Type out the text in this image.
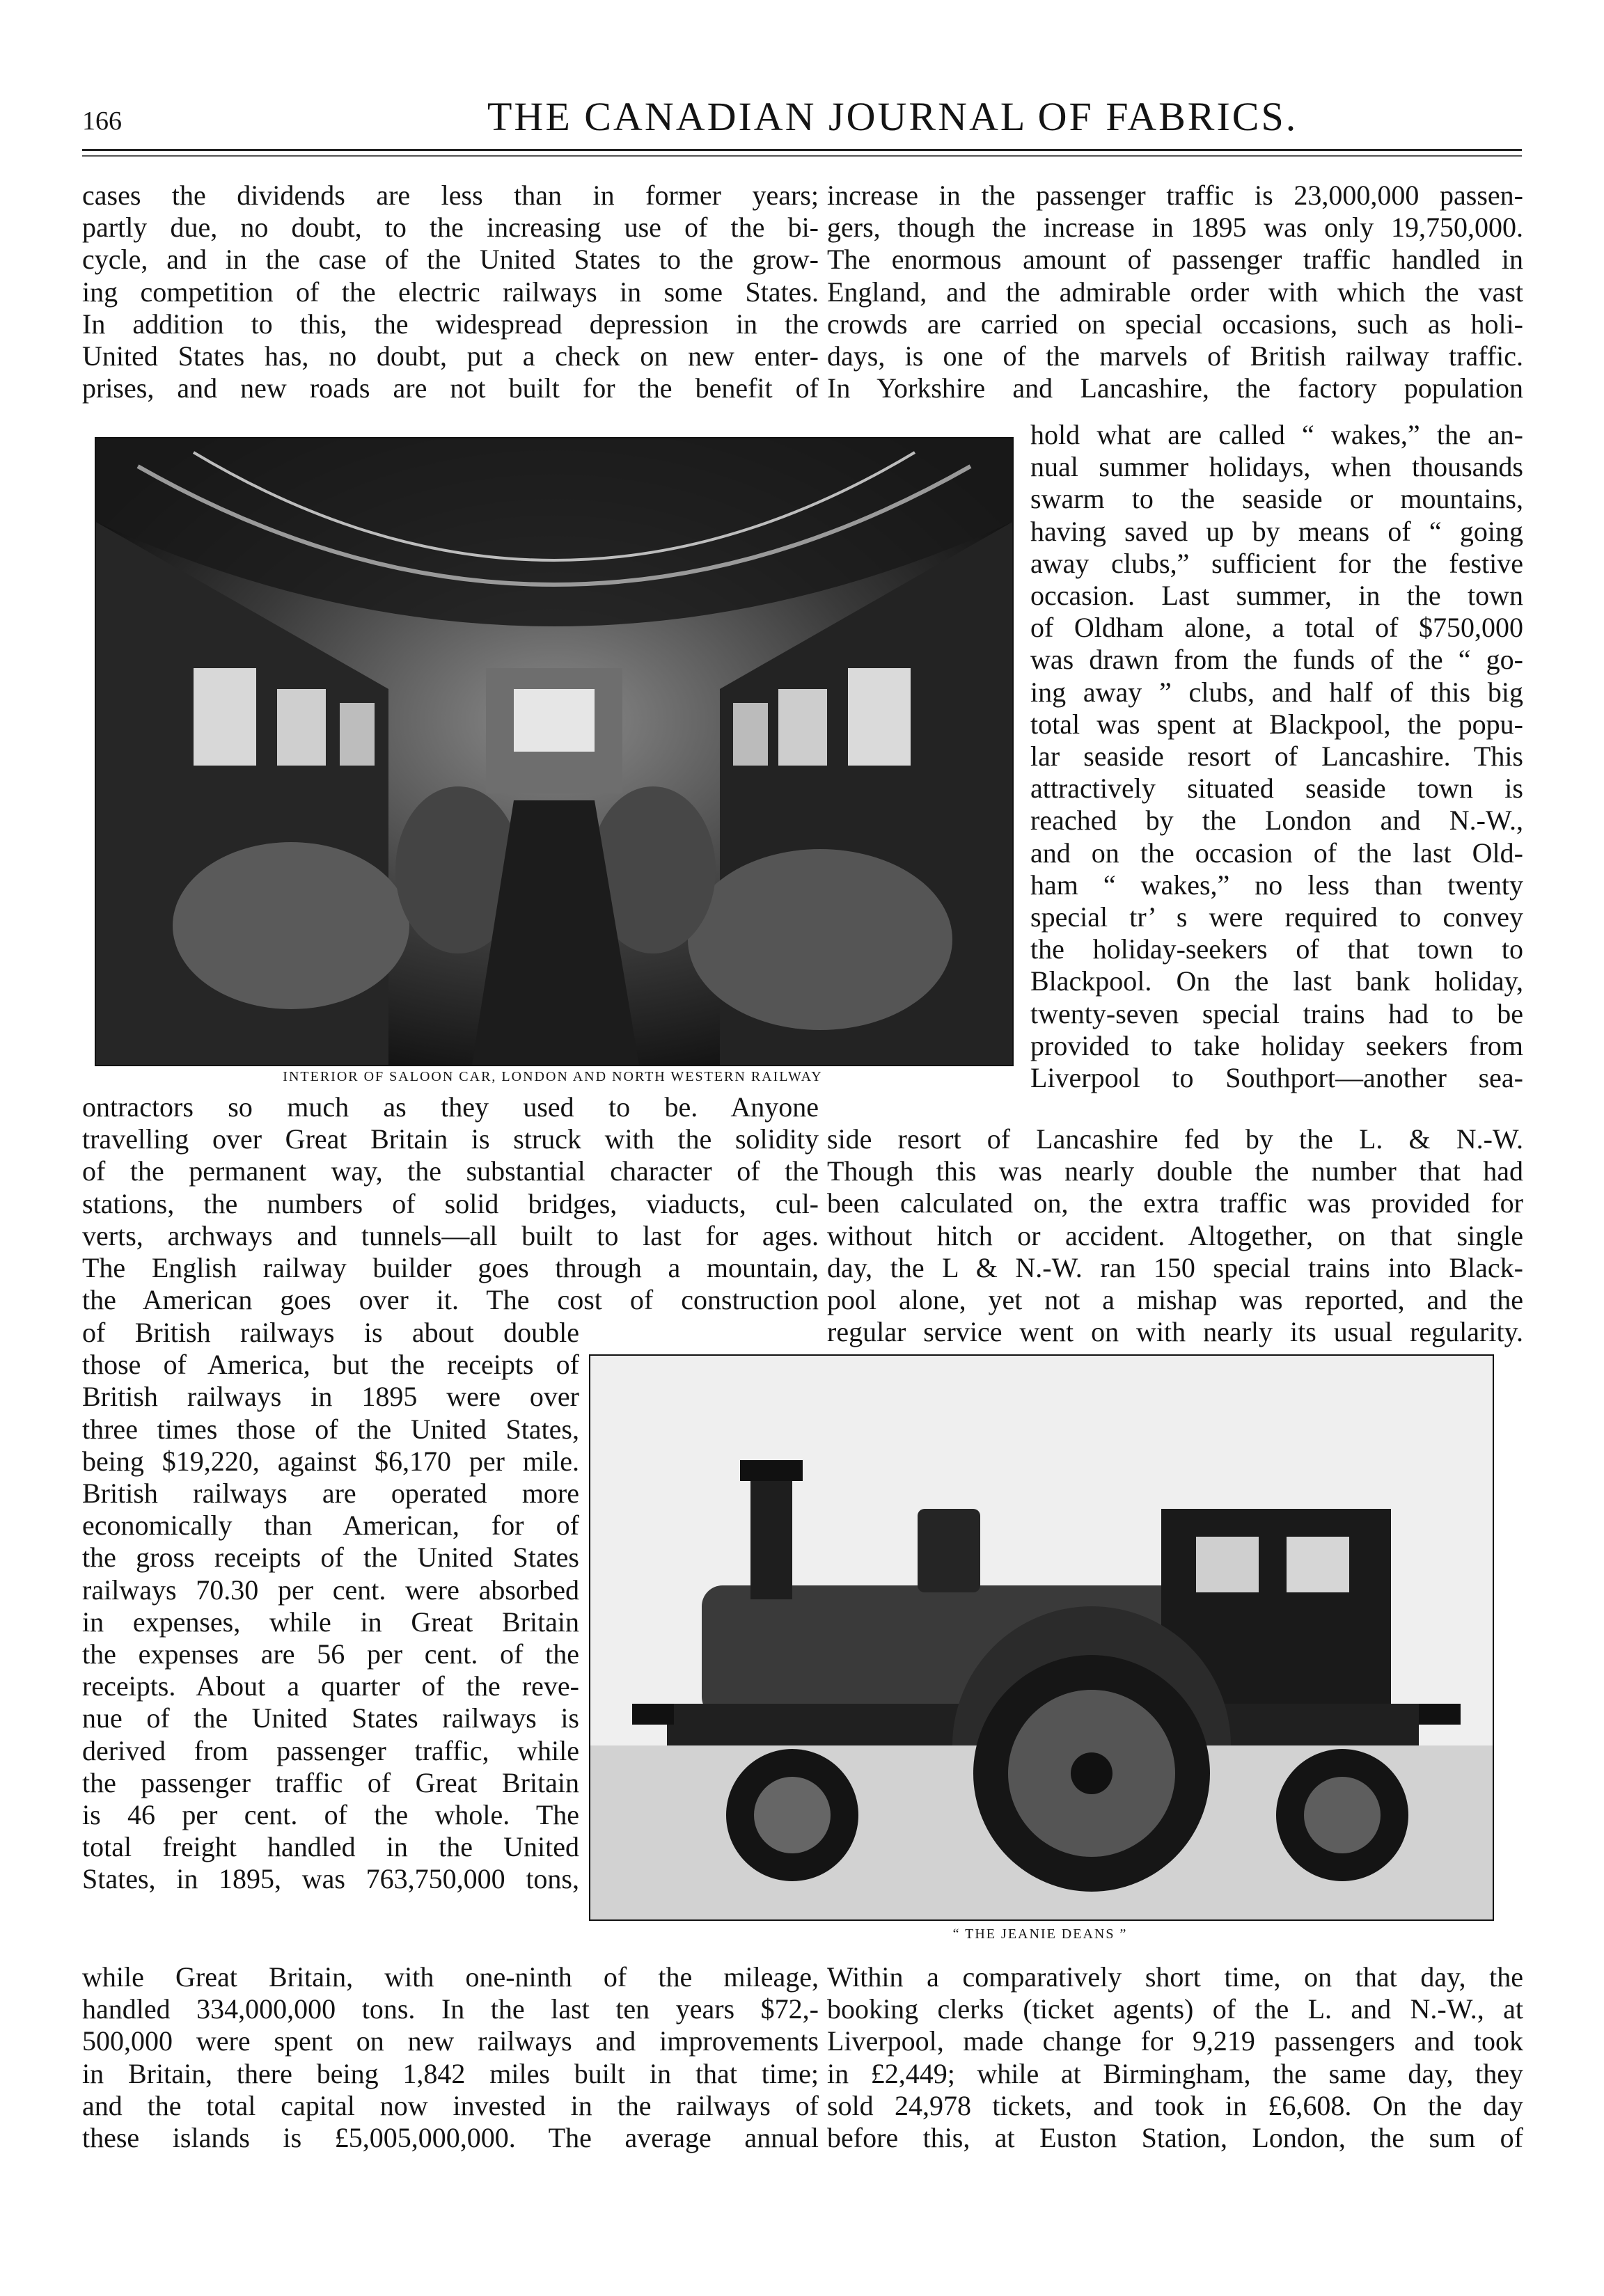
166	THE CANADIAN JOURNAL OF FABRICS.
cases the dividends are less than in former years;
partly due, no doubt, to the increasing use of the bi-
cycle, and in the case of the United States to the grow-
ing competition of the electric railways in some States.
In addition to this, the widespread depression in the
United States has, no doubt, put a check on new enter-
prises, and new roads are not built for the benefit of
increase in the passenger traffic is 23,000,000 passen-
gers, though the increase in 1895 was only 19,750,000.
The enormous amount of passenger traffic handled in
England, and the admirable order with which the vast
crowds are carried on special occasions, such as holi-
days, is one of the marvels of British railway traffic.
In Yorkshire and Lancashire, the factory population
hold what are called “ wakes,” the an-
nual summer holidays, when thousands
swarm to the seaside or mountains,
having saved up by means of “ going
away clubs,” sufficient for the festive
occasion. Last summer, in the town
of Oldham alone, a total of $750,000
was drawn from the funds of the “ go-
ing away ” clubs, and half of this big
total was spent at Blackpool, the popu-
lar seaside resort of Lancashire. This
attractively situated seaside town is
reached by the London and N.-W.,
and on the occasion of the last Old-
ham “ wakes,” no less than twenty
special tr’ s were required to convey
the holiday-seekers of that town to
Blackpool. On the last bank holiday,
twenty-seven special trains had to be
provided to take holiday seekers from
Liverpool to Southport—another sea-
INTERIOR OF SALOON CAR, LONDON AND NORTH WESTERN RAILWAY
ontractors so much as they used to be. Anyone
travelling over Great Britain is struck with the solidity
of the permanent way, the substantial character of the
stations, the numbers of solid bridges, viaducts, cul-
verts, archways and tunnels—all built to last for ages.
The English railway builder goes through a mountain,
the American goes over it. The cost of construction
side resort of Lancashire fed by the L. & N.-W.
Though this was nearly double the number that had
been calculated on, the extra traffic was provided for
without hitch or accident. Altogether, on that single
day, the L & N.-W. ran 150 special trains into Black-
pool alone, yet not a mishap was reported, and the
regular service went on with nearly its usual regularity.
of British railways is about double
those of America, but the receipts of
British railways in 1895 were over
three times those of the United States,
being $19,220, against $6,170 per mile.
British railways are operated more
economically than American, for of
the gross receipts of the United States
railways 70.30 per cent. were absorbed
in expenses, while in Great Britain
the expenses are 56 per cent. of the
receipts. About a quarter of the reve-
nue of the United States railways is
derived from passenger traffic, while
the passenger traffic of Great Britain
is 46 per cent. of the whole. The
total freight handled in the United
States, in 1895, was 763,750,000 tons,
“ THE JEANIE DEANS ”
while Great Britain, with one-ninth of the mileage,
handled 334,000,000 tons. In the last ten years $72,-
500,000 were spent on new railways and improvements
in Britain, there being 1,842 miles built in that time;
and the total capital now invested in the railways of
these islands is £5,005,000,000. The average annual
Within a comparatively short time, on that day, the
booking clerks (ticket agents) of the L. and N.-W., at
Liverpool, made change for 9,219 passengers and took
in £2,449; while at Birmingham, the same day, they
sold 24,978 tickets, and took in £6,608. On the day
before this, at Euston Station, London, the sum of
